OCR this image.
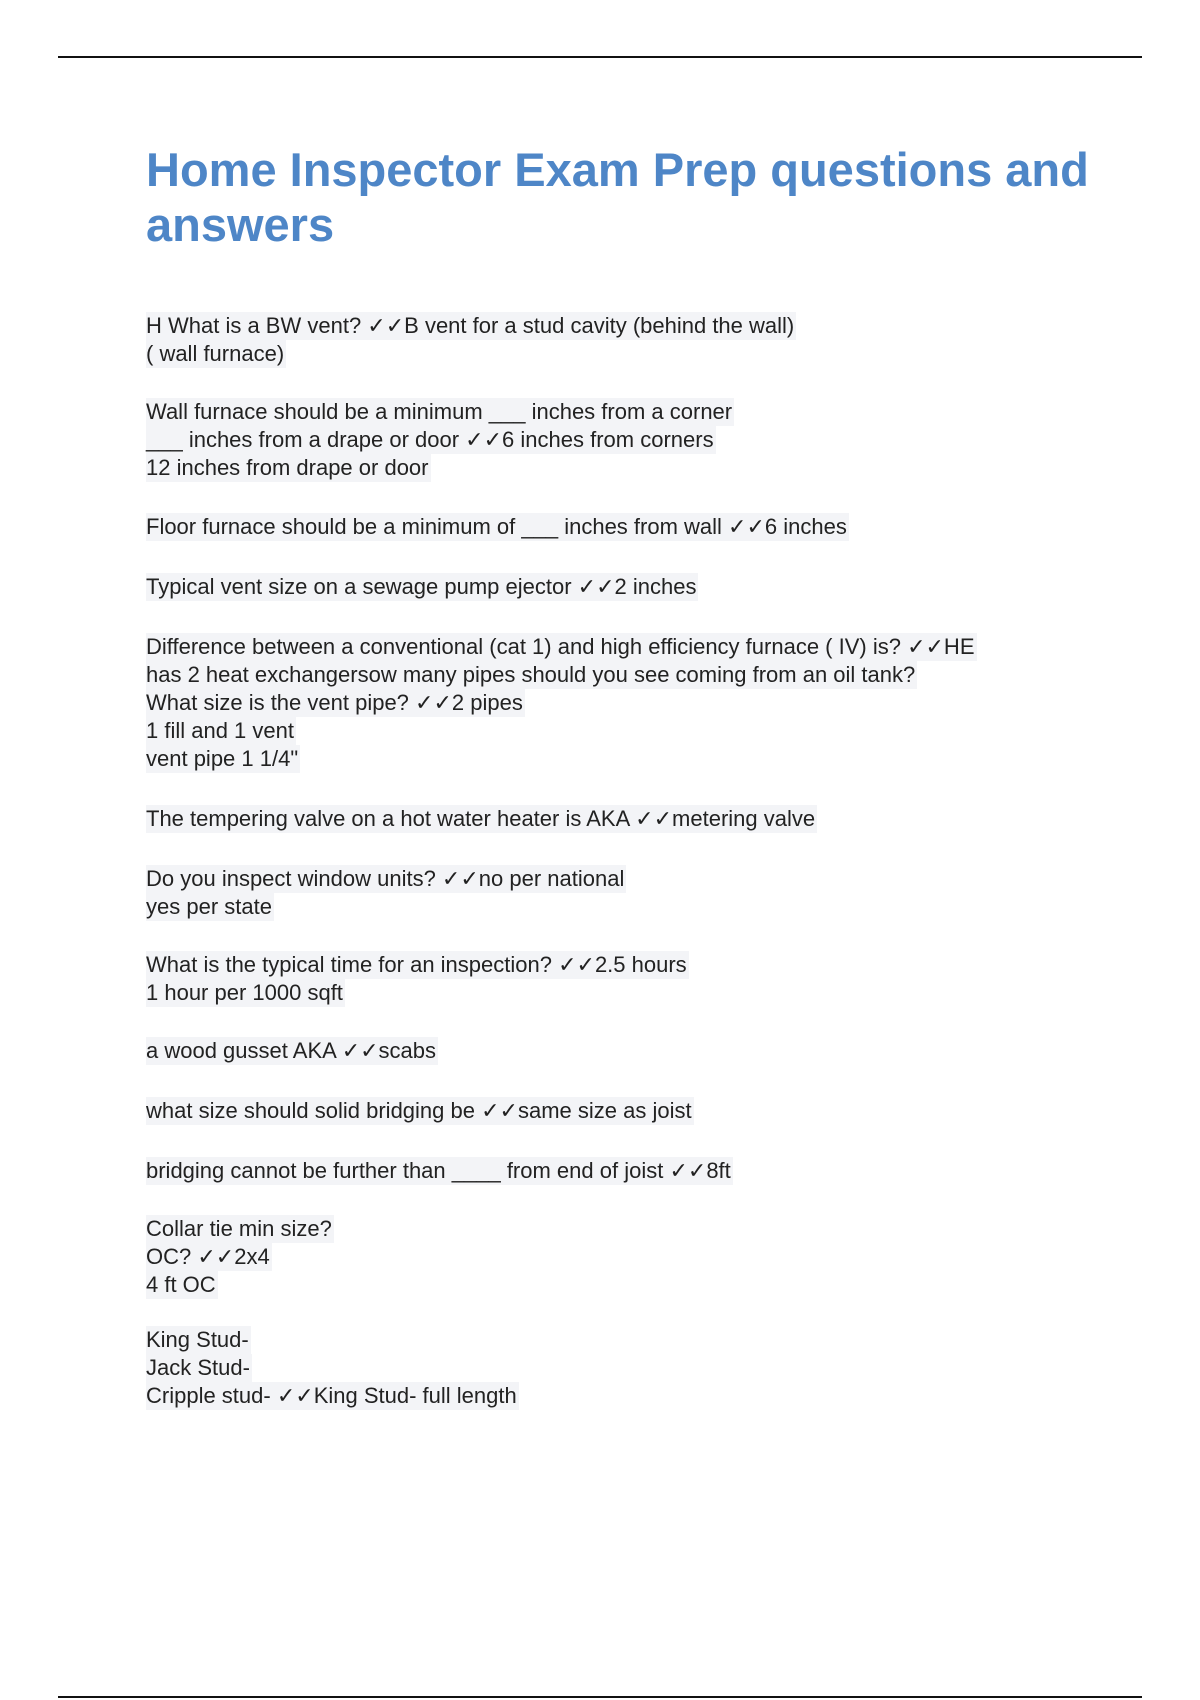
Home Inspector Exam Prep questions and answers

H What is a BW vent? ✓✓B vent for a stud cavity (behind the wall)
( wall furnace)

Wall furnace should be a minimum ___ inches from a corner
___ inches from a drape or door ✓✓6 inches from corners
12 inches from drape or door

Floor furnace should be a minimum of ___ inches from wall ✓✓6 inches

Typical vent size on a sewage pump ejector ✓✓2 inches

Difference between a conventional (cat 1) and high efficiency furnace ( IV) is? ✓✓HE
has 2 heat exchangersow many pipes should you see coming from an oil tank?
What size is the vent pipe? ✓✓2 pipes
1 fill and 1 vent
vent pipe 1 1/4"

The tempering valve on a hot water heater is AKA ✓✓metering valve

Do you inspect window units? ✓✓no per national
yes per state

What is the typical time for an inspection? ✓✓2.5 hours
1 hour per 1000 sqft

a wood gusset AKA ✓✓scabs

what size should solid bridging be ✓✓same size as joist

bridging cannot be further than ____ from end of joist ✓✓8ft

Collar tie min size?
OC? ✓✓2x4
4 ft OC

King Stud-
Jack Stud-
Cripple stud- ✓✓King Stud- full length
